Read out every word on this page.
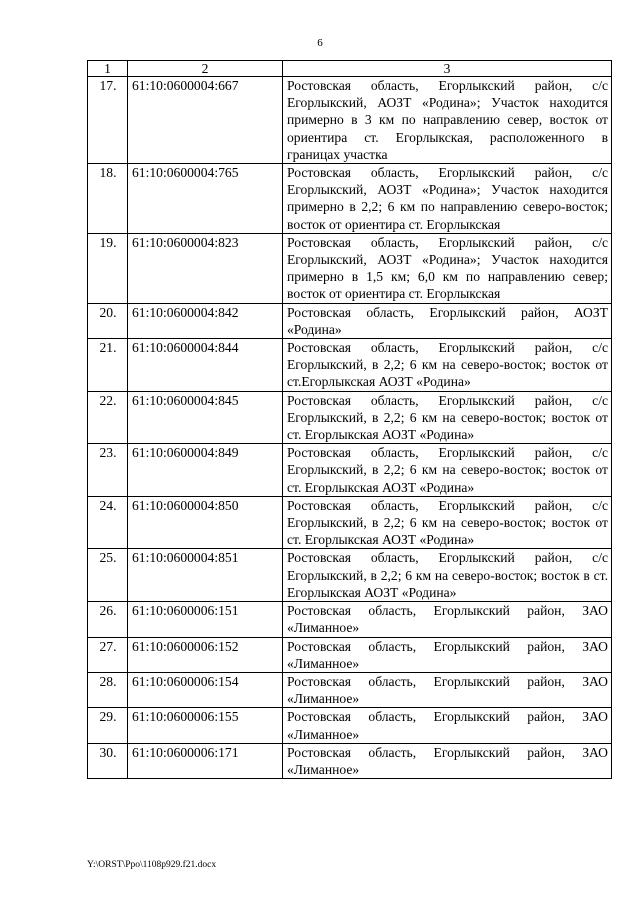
6
1	2	3
17.	61:10:0600004:667	Ростовская область, Егорлыкский район, с/с Егорлыкский, АОЗТ «Родина»; Участок находится примерно в 3 км по направлению север, восток от ориентира ст. Егорлыкская, расположенного в границах участка
18.	61:10:0600004:765	Ростовская область, Егорлыкский район, с/с Егорлыкский, АОЗТ «Родина»; Участок находится примерно в 2,2; 6 км по направлению северо-восток; восток от ориентира ст. Егорлыкская
19.	61:10:0600004:823	Ростовская область, Егорлыкский район, с/с Егорлыкский, АОЗТ «Родина»; Участок находится примерно в 1,5 км; 6,0 км по направлению север; восток от ориентира ст. Егорлыкская
20.	61:10:0600004:842	Ростовская область, Егорлыкский район, АОЗТ «Родина»
21.	61:10:0600004:844	Ростовская область, Егорлыкский район, с/с Егорлыкский, в 2,2; 6 км на северо-восток; восток от ст.Егорлыкская АОЗТ «Родина»
22.	61:10:0600004:845	Ростовская область, Егорлыкский район, с/с Егорлыкский, в 2,2; 6 км на северо-восток; восток от ст. Егорлыкская АОЗТ «Родина»
23.	61:10:0600004:849	Ростовская область, Егорлыкский район, с/с Егорлыкский, в 2,2; 6 км на северо-восток; восток от ст. Егорлыкская АОЗТ «Родина»
24.	61:10:0600004:850	Ростовская область, Егорлыкский район, с/с Егорлыкский, в 2,2; 6 км на северо-восток; восток от ст. Егорлыкская АОЗТ «Родина»
25.	61:10:0600004:851	Ростовская область, Егорлыкский район, с/с Егорлыкский, в 2,2; 6 км на северо-восток; восток в ст. Егорлыкская АОЗТ «Родина»
26.	61:10:0600006:151	Ростовская область, Егорлыкский район, ЗАО «Лиманное»
27.	61:10:0600006:152	Ростовская область, Егорлыкский район, ЗАО «Лиманное»
28.	61:10:0600006:154	Ростовская область, Егорлыкский район, ЗАО «Лиманное»
29.	61:10:0600006:155	Ростовская область, Егорлыкский район, ЗАО «Лиманное»
30.	61:10:0600006:171	Ростовская область, Егорлыкский район, ЗАО «Лиманное»
Y:\ORST\Ppo\1108p929.f21.docx
